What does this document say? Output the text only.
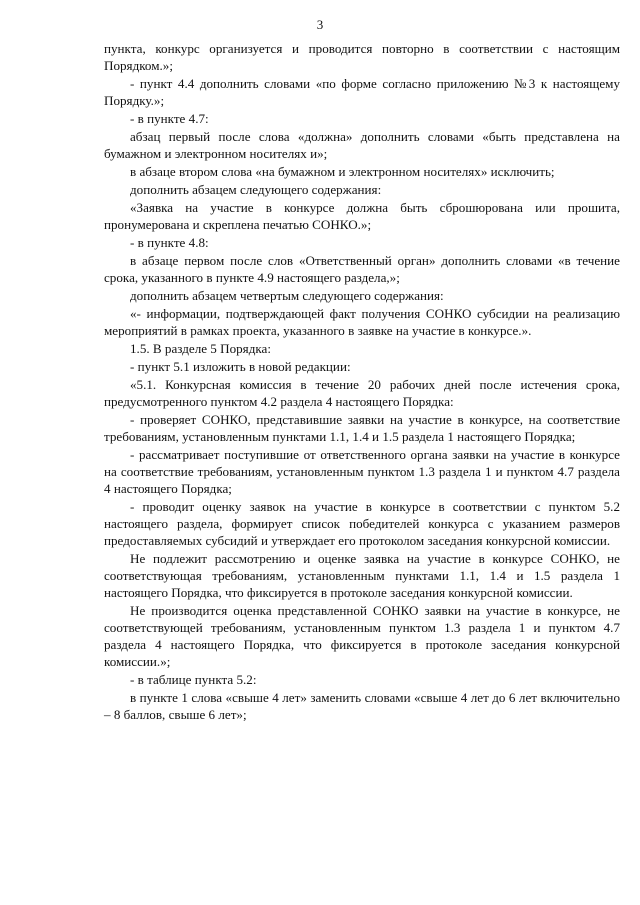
3

пункта, конкурс организуется и проводится повторно в соответствии с настоящим Порядком.»;

- пункт 4.4 дополнить словами «по форме согласно приложению №3 к настоящему Порядку.»;

- в пункте 4.7:

абзац первый после слова «должна» дополнить словами «быть представлена на бумажном и электронном носителях и»;

в абзаце втором слова «на бумажном и электронном носителях» исключить;

дополнить абзацем следующего содержания:

«Заявка на участие в конкурсе должна быть сброшюрована или прошита, пронумерована и скреплена печатью СОНКО.»;

- в пункте 4.8:

в абзаце первом после слов «Ответственный орган» дополнить словами «в течение срока, указанного в пункте 4.9 настоящего раздела,»;

дополнить абзацем четвертым следующего содержания:

«- информации, подтверждающей факт получения СОНКО субсидии на реализацию мероприятий в рамках проекта, указанного в заявке на участие в конкурсе.».

1.5. В разделе 5 Порядка:

- пункт 5.1 изложить в новой редакции:

«5.1. Конкурсная комиссия в течение 20 рабочих дней после истечения срока, предусмотренного пунктом 4.2 раздела 4 настоящего Порядка:

- проверяет СОНКО, представившие заявки на участие в конкурсе, на соответствие требованиям, установленным пунктами 1.1, 1.4 и 1.5 раздела 1 настоящего Порядка;

- рассматривает поступившие от ответственного органа заявки на участие в конкурсе на соответствие требованиям, установленным пунктом 1.3 раздела 1 и пунктом 4.7 раздела 4 настоящего Порядка;

- проводит оценку заявок на участие в конкурсе в соответствии с пунктом 5.2 настоящего раздела, формирует список победителей конкурса с указанием размеров предоставляемых субсидий и утверждает его протоколом заседания конкурсной комиссии.

Не подлежит рассмотрению и оценке заявка на участие в конкурсе СОНКО, не соответствующая требованиям, установленным пунктами 1.1, 1.4 и 1.5 раздела 1 настоящего Порядка, что фиксируется в протоколе заседания конкурсной комиссии.

Не производится оценка представленной СОНКО заявки на участие в конкурсе, не соответствующей требованиям, установленным пунктом 1.3 раздела 1 и пунктом 4.7 раздела 4 настоящего Порядка, что фиксируется в протоколе заседания конкурсной комиссии.»;

- в таблице пункта 5.2:

в пункте 1 слова «свыше 4 лет» заменить словами «свыше 4 лет до 6 лет включительно – 8 баллов, свыше 6 лет»;
